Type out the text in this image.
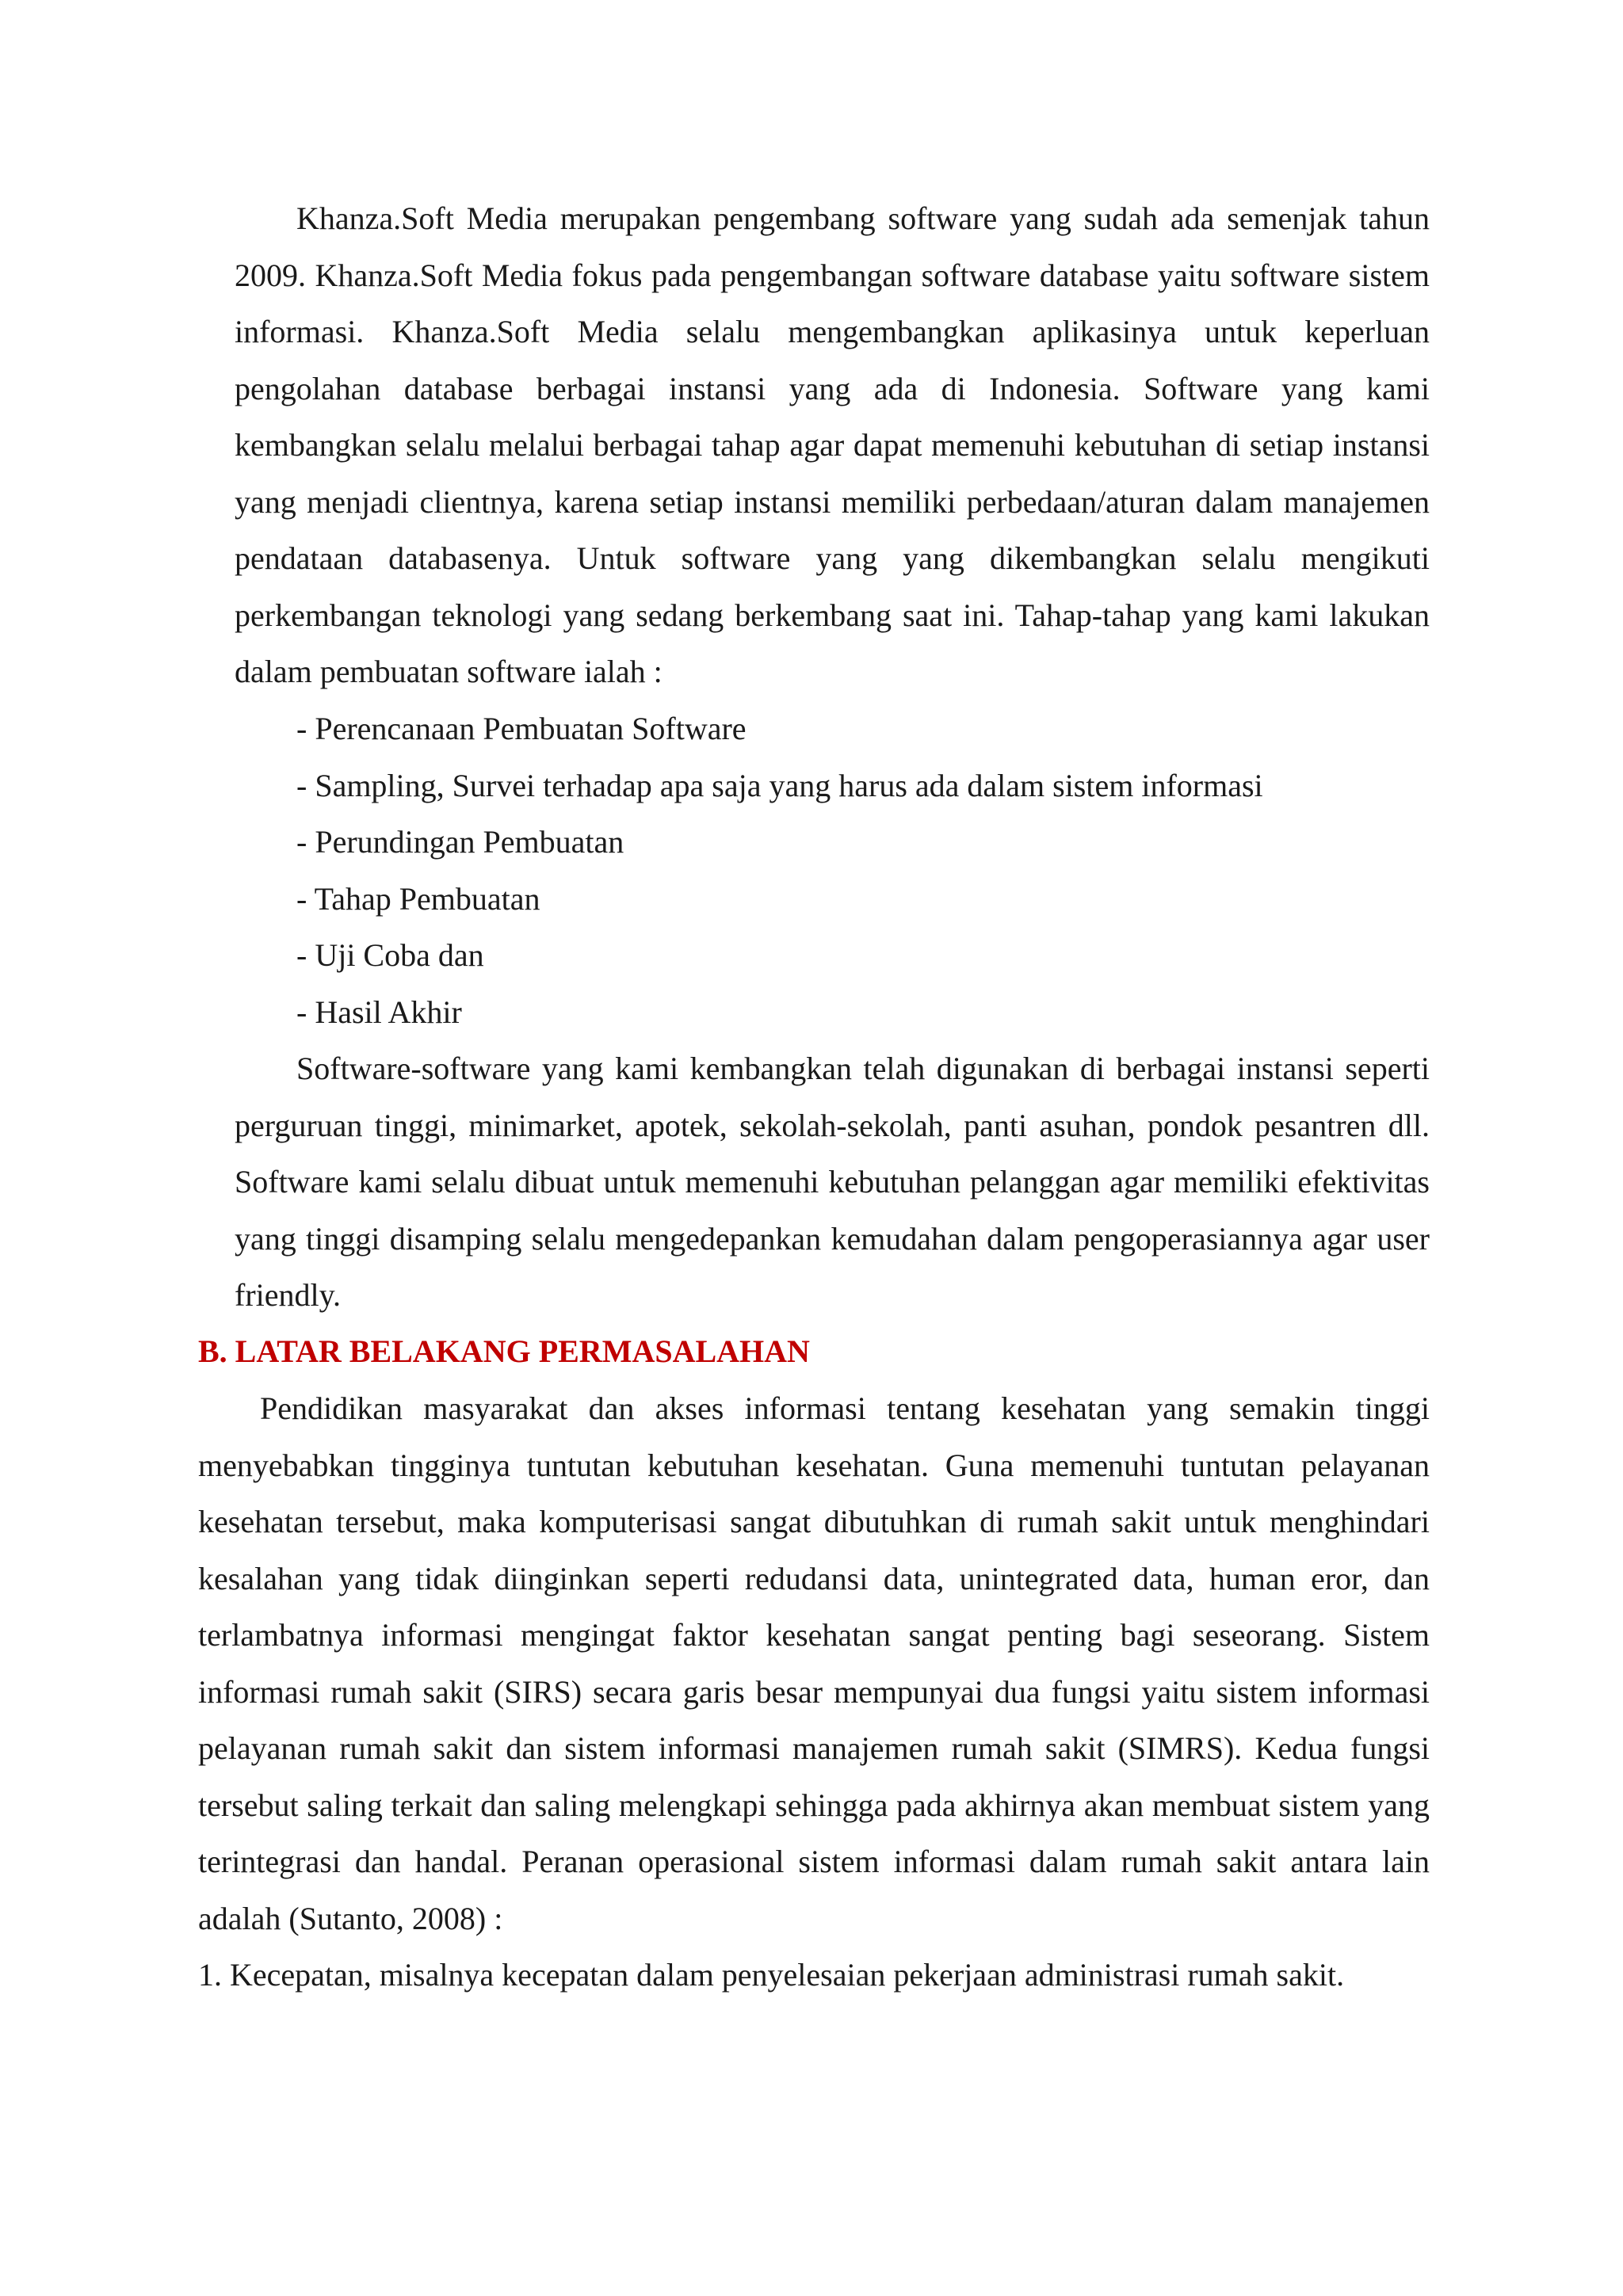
Khanza.Soft Media merupakan pengembang software yang sudah ada semenjak tahun 2009. Khanza.Soft Media fokus pada pengembangan software database yaitu software sistem informasi. Khanza.Soft Media selalu mengembangkan aplikasinya untuk keperluan pengolahan database berbagai instansi yang ada di Indonesia. Software yang kami kembangkan selalu melalui berbagai tahap agar dapat memenuhi kebutuhan di setiap instansi yang menjadi clientnya, karena setiap instansi memiliki perbedaan/aturan dalam manajemen pendataan databasenya. Untuk software yang yang dikembangkan selalu mengikuti perkembangan teknologi yang sedang berkembang saat ini. Tahap-tahap yang kami lakukan dalam pembuatan software ialah :

- Perencanaan Pembuatan Software
- Sampling, Survei terhadap apa saja yang harus ada dalam sistem informasi
- Perundingan Pembuatan
- Tahap Pembuatan
- Uji Coba dan
- Hasil Akhir

Software-software yang kami kembangkan telah digunakan di berbagai instansi seperti perguruan tinggi, minimarket, apotek, sekolah-sekolah, panti asuhan, pondok pesantren dll. Software kami selalu dibuat untuk memenuhi kebutuhan pelanggan agar memiliki efektivitas yang tinggi disamping selalu mengedepankan kemudahan dalam pengoperasiannya agar user friendly.

B. LATAR BELAKANG PERMASALAHAN

Pendidikan masyarakat dan akses informasi tentang kesehatan yang semakin tinggi menyebabkan tingginya tuntutan kebutuhan kesehatan. Guna memenuhi tuntutan pelayanan kesehatan tersebut, maka komputerisasi sangat dibutuhkan di rumah sakit untuk menghindari kesalahan yang tidak diinginkan seperti redudansi data, unintegrated data, human eror, dan terlambatnya informasi mengingat faktor kesehatan sangat penting bagi seseorang. Sistem informasi rumah sakit (SIRS) secara garis besar mempunyai dua fungsi yaitu sistem informasi pelayanan rumah sakit dan sistem informasi manajemen rumah sakit (SIMRS). Kedua fungsi tersebut saling terkait dan saling melengkapi sehingga pada akhirnya akan membuat sistem yang terintegrasi dan handal. Peranan operasional sistem informasi dalam rumah sakit antara lain adalah (Sutanto, 2008) :

1. Kecepatan, misalnya kecepatan dalam penyelesaian pekerjaan administrasi rumah sakit.
